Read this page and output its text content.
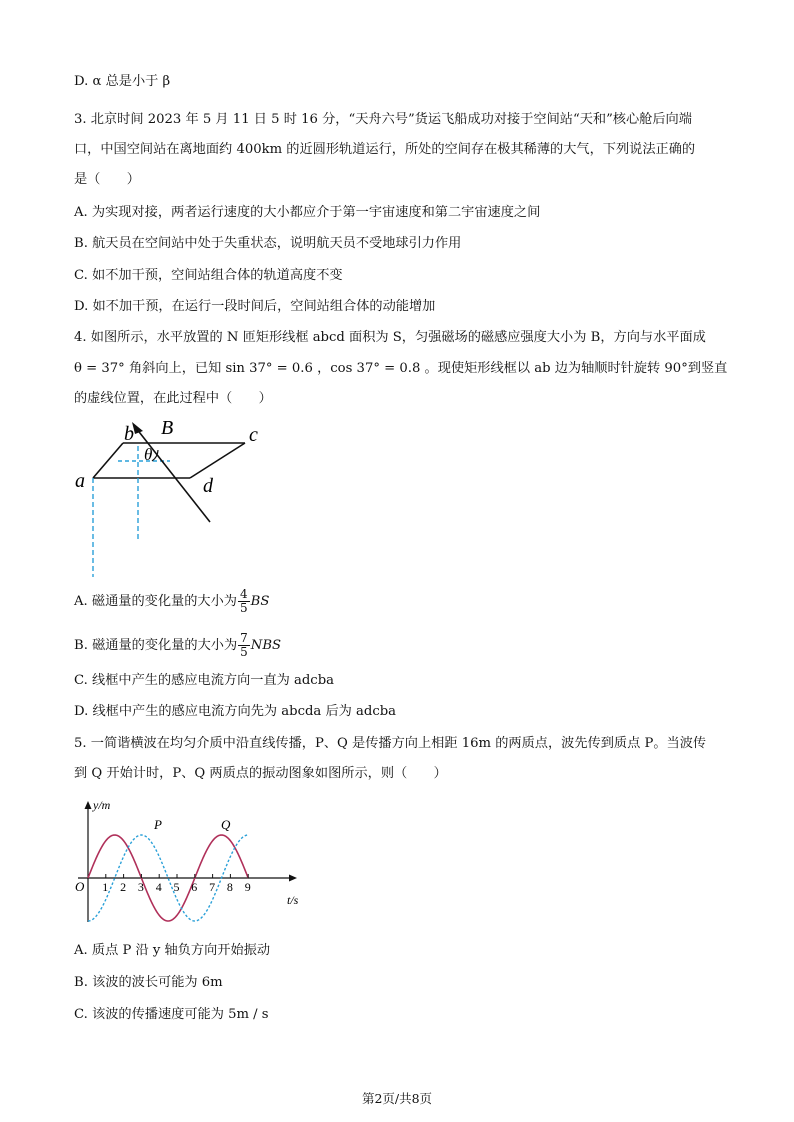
D. α 总是小于 β
3. 北京时间 2023 年 5 月 11 日 5 时 16 分，“天舟六号”货运飞船成功对接于空间站“天和”核心舱后向端
口，中国空间站在离地面约 400km 的近圆形轨道运行，所处的空间存在极其稀薄的大气，下列说法正确的
是（　　）
A. 为实现对接，两者运行速度的大小都应介于第一宇宙速度和第二宇宙速度之间
B. 航天员在空间站中处于失重状态，说明航天员不受地球引力作用
C. 如不加干预，空间站组合体的轨道高度不变
D. 如不加干预，在运行一段时间后，空间站组合体的动能增加
4. 如图所示，水平放置的 N 匝矩形线框 abcd 面积为 S，匀强磁场的磁感应强度大小为 B，方向与水平面成
θ = 37° 角斜向上，已知 sin 37° = 0.6 ，cos 37° = 0.8 。现使矩形线框以 ab 边为轴顺时针旋转 90°到竖直
的虚线位置，在此过程中（　　）
a
b	c
d
B
θ
A. 磁通量的变化量的大小为 $\frac{4}{5}$ BS
B. 磁通量的变化量的大小为 $\frac{7}{5}$ NBS
C. 线框中产生的感应电流方向一直为 adcba
D. 线框中产生的感应电流方向先为 abcda 后为 adcba
5. 一简谐横波在均匀介质中沿直线传播，P、Q 是传播方向上相距 16m 的两质点，波先传到质点 P。当波传
到 Q 开始计时，P、Q 两质点的振动图象如图所示，则（　　）
1 2 3 4 5 6 7 8 9
y/m
t/s
O
P	Q
A. 质点 P 沿 y 轴负方向开始振动
B. 该波的波长可能为 6m
C. 该波的传播速度可能为 5m / s
第2页/共8页
